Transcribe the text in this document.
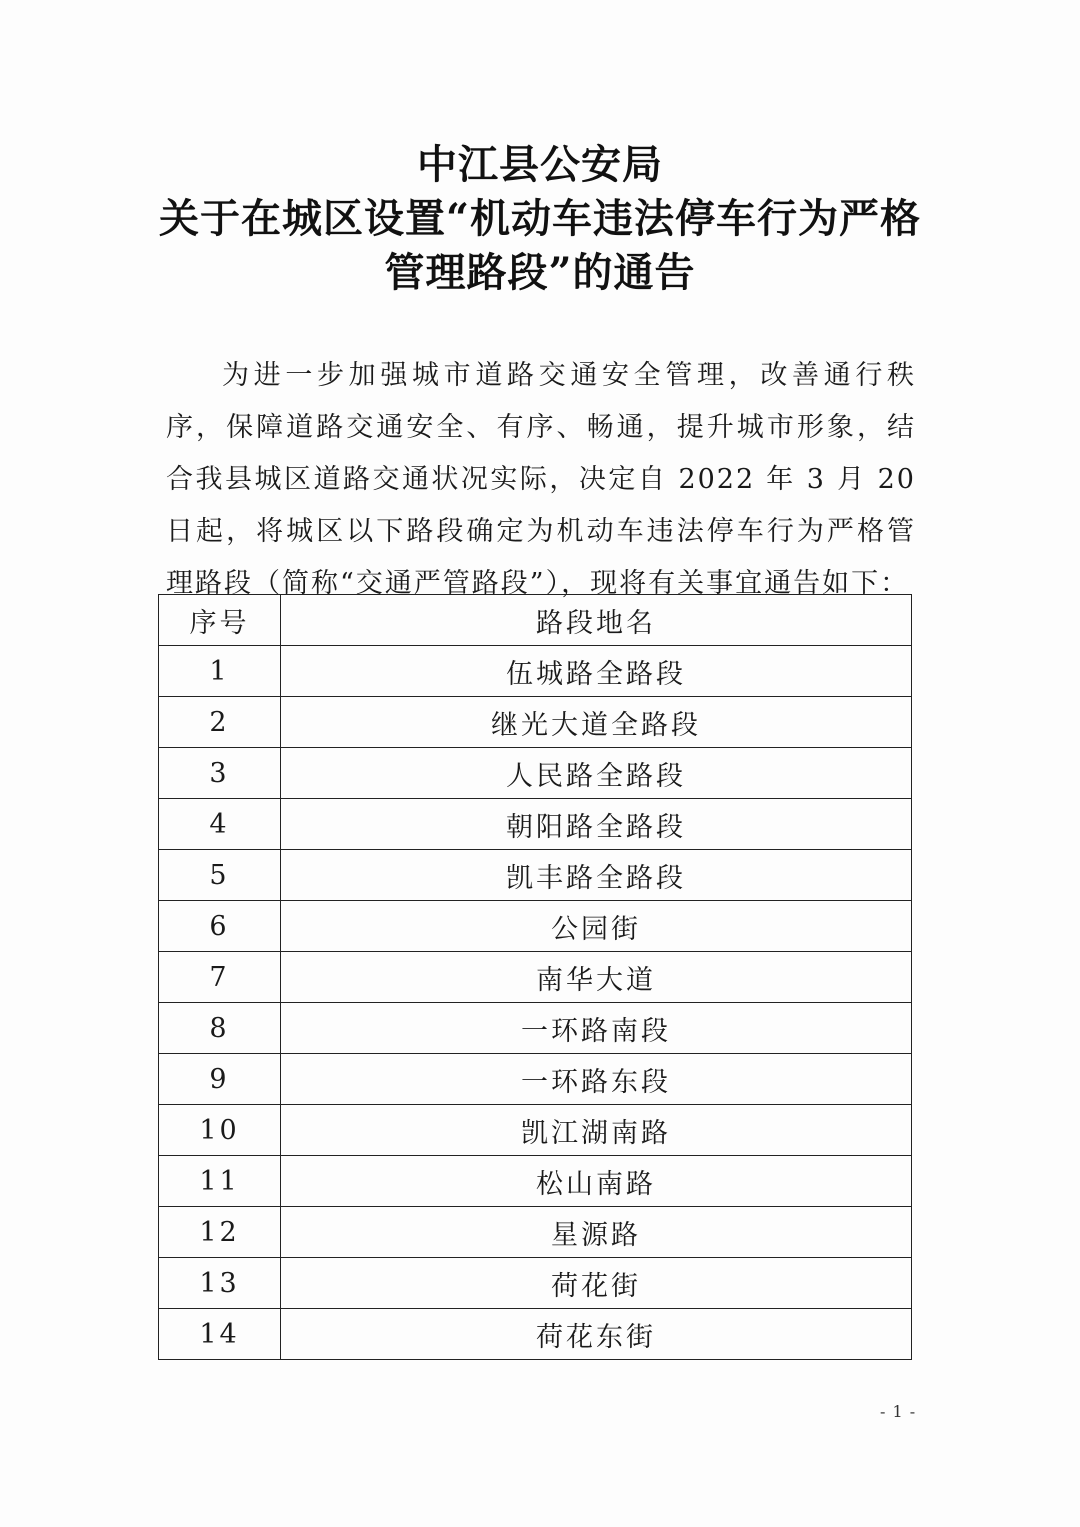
中江县公安局
关于在城区设置“机动车违法停车行为严格
管理路段”的通告
为进一步加强城市道路交通安全管理，改善通行秩序，保障道路交通安全、有序、畅通，提升城市形象，结合我县城区道路交通状况实际，决定自 2022 年 3 月 20 日起，将城区以下路段确定为机动车违法停车行为严格管理路段（简称“交通严管路段”），现将有关事宜通告如下：
序号	路段地名
1	伍城路全路段
2	继光大道全路段
3	人民路全路段
4	朝阳路全路段
5	凯丰路全路段
6	公园街
7	南华大道
8	一环路南段
9	一环路东段
10	凯江湖南路
11	松山南路
12	星源路
13	荷花街
14	荷花东街
- 1 -
